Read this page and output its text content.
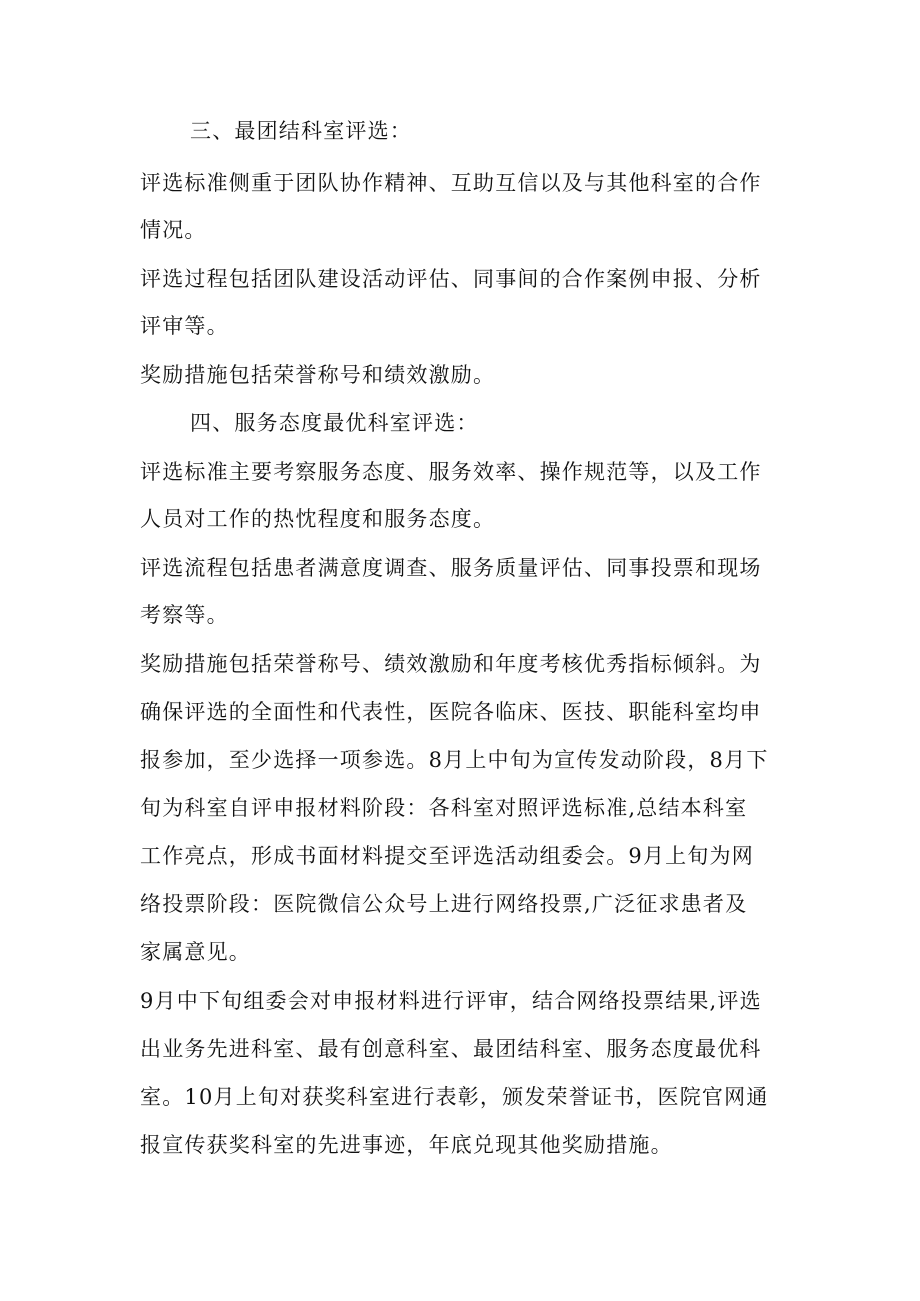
三、最团结科室评选：
评选标准侧重于团队协作精神、互助互信以及与其他科室的合作
情况。
评选过程包括团队建设活动评估、同事间的合作案例申报、分析
评审等。
奖励措施包括荣誉称号和绩效激励。
四、服务态度最优科室评选：
评选标准主要考察服务态度、服务效率、操作规范等，以及工作
人员对工作的热忱程度和服务态度。
评选流程包括患者满意度调查、服务质量评估、同事投票和现场
考察等。
奖励措施包括荣誉称号、绩效激励和年度考核优秀指标倾斜。为
确保评选的全面性和代表性，医院各临床、医技、职能科室均申
报参加，至少选择一项参选。8月上中旬为宣传发动阶段，8月下
旬为科室自评申报材料阶段：各科室对照评选标准,总结本科室
工作亮点，形成书面材料提交至评选活动组委会。9月上旬为网
络投票阶段：医院微信公众号上进行网络投票,广泛征求患者及
家属意见。
9月中下旬组委会对申报材料进行评审，结合网络投票结果,评选
出业务先进科室、最有创意科室、最团结科室、服务态度最优科
室。10月上旬对获奖科室进行表彰，颁发荣誉证书，医院官网通
报宣传获奖科室的先进事迹，年底兑现其他奖励措施。
